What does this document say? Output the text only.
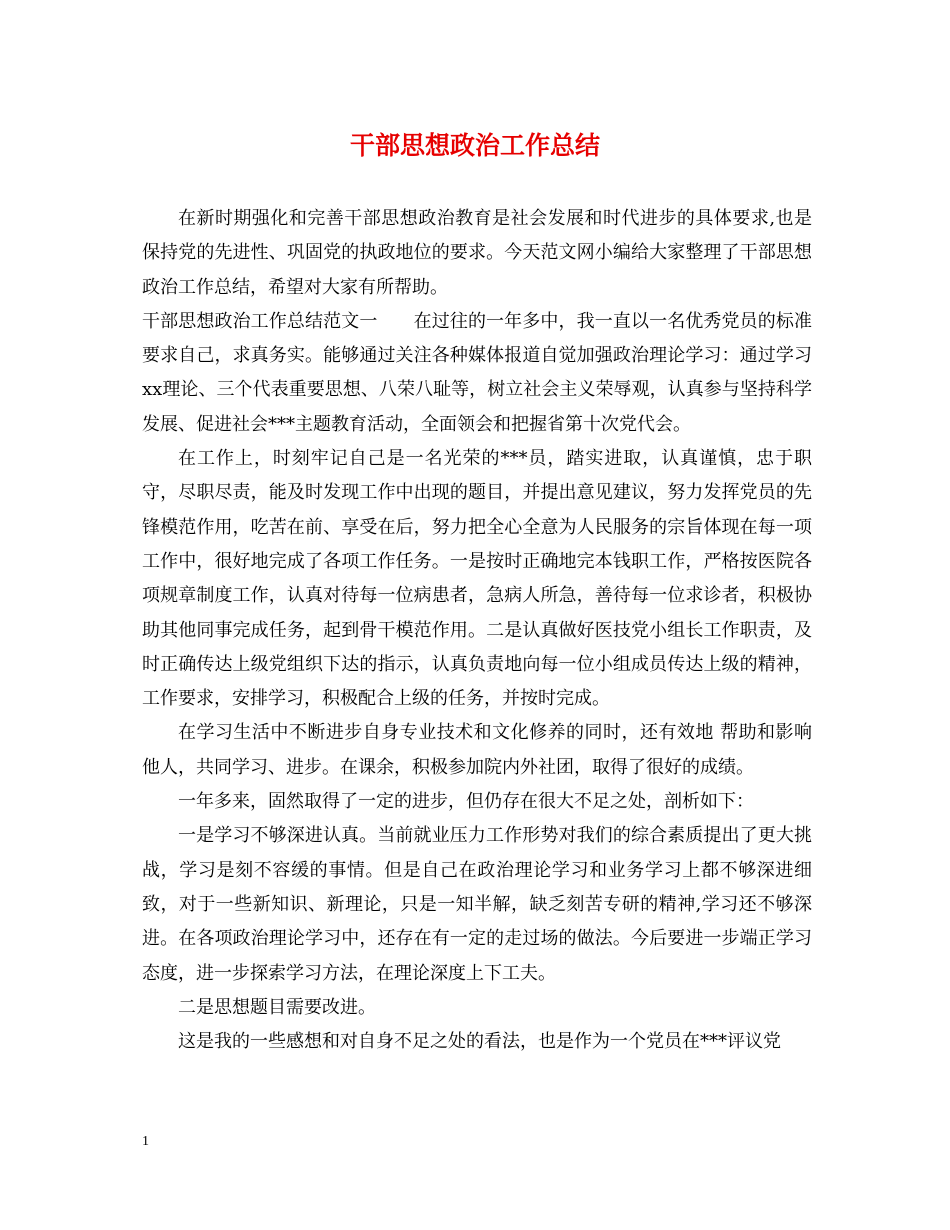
干部思想政治工作总结

在新时期强化和完善干部思想政治教育是社会发展和时代进步的具体要求,也是保持党的先进性、巩固党的执政地位的要求。今天范文网小编给大家整理了干部思想政治工作总结，希望对大家有所帮助。

干部思想政治工作总结范文一 在过往的一年多中，我一直以一名优秀党员的标准要求自己，求真务实。能够通过关注各种媒体报道自觉加强政治理论学习：通过学习xx理论、三个代表重要思想、八荣八耻等，树立社会主义荣辱观，认真参与坚持科学发展、促进社会***主题教育活动，全面领会和把握省第十次党代会。

在工作上，时刻牢记自己是一名光荣的***员，踏实进取，认真谨慎，忠于职守，尽职尽责，能及时发现工作中出现的题目，并提出意见建议，努力发挥党员的先锋模范作用，吃苦在前、享受在后，努力把全心全意为人民服务的宗旨体现在每一项工作中，很好地完成了各项工作任务。一是按时正确地完本钱职工作，严格按医院各项规章制度工作，认真对待每一位病患者，急病人所急，善待每一位求诊者，积极协助其他同事完成任务，起到骨干模范作用。二是认真做好医技党小组长工作职责，及时正确传达上级党组织下达的指示，认真负责地向每一位小组成员传达上级的精神，工作要求，安排学习，积极配合上级的任务，并按时完成。

在学习生活中不断进步自身专业技术和文化修养的同时，还有效地 帮助和影响他人，共同学习、进步。在课余，积极参加院内外社团，取得了很好的成绩。

一年多来，固然取得了一定的进步，但仍存在很大不足之处，剖析如下：

一是学习不够深进认真。当前就业压力工作形势对我们的综合素质提出了更大挑战，学习是刻不容缓的事情。但是自己在政治理论学习和业务学习上都不够深进细致，对于一些新知识、新理论，只是一知半解，缺乏刻苦专研的精神,学习还不够深进。在各项政治理论学习中，还存在有一定的走过场的做法。今后要进一步端正学习态度，进一步探索学习方法，在理论深度上下工夫。

二是思想题目需要改进。

这是我的一些感想和对自身不足之处的看法，也是作为一个党员在***评议党

1
